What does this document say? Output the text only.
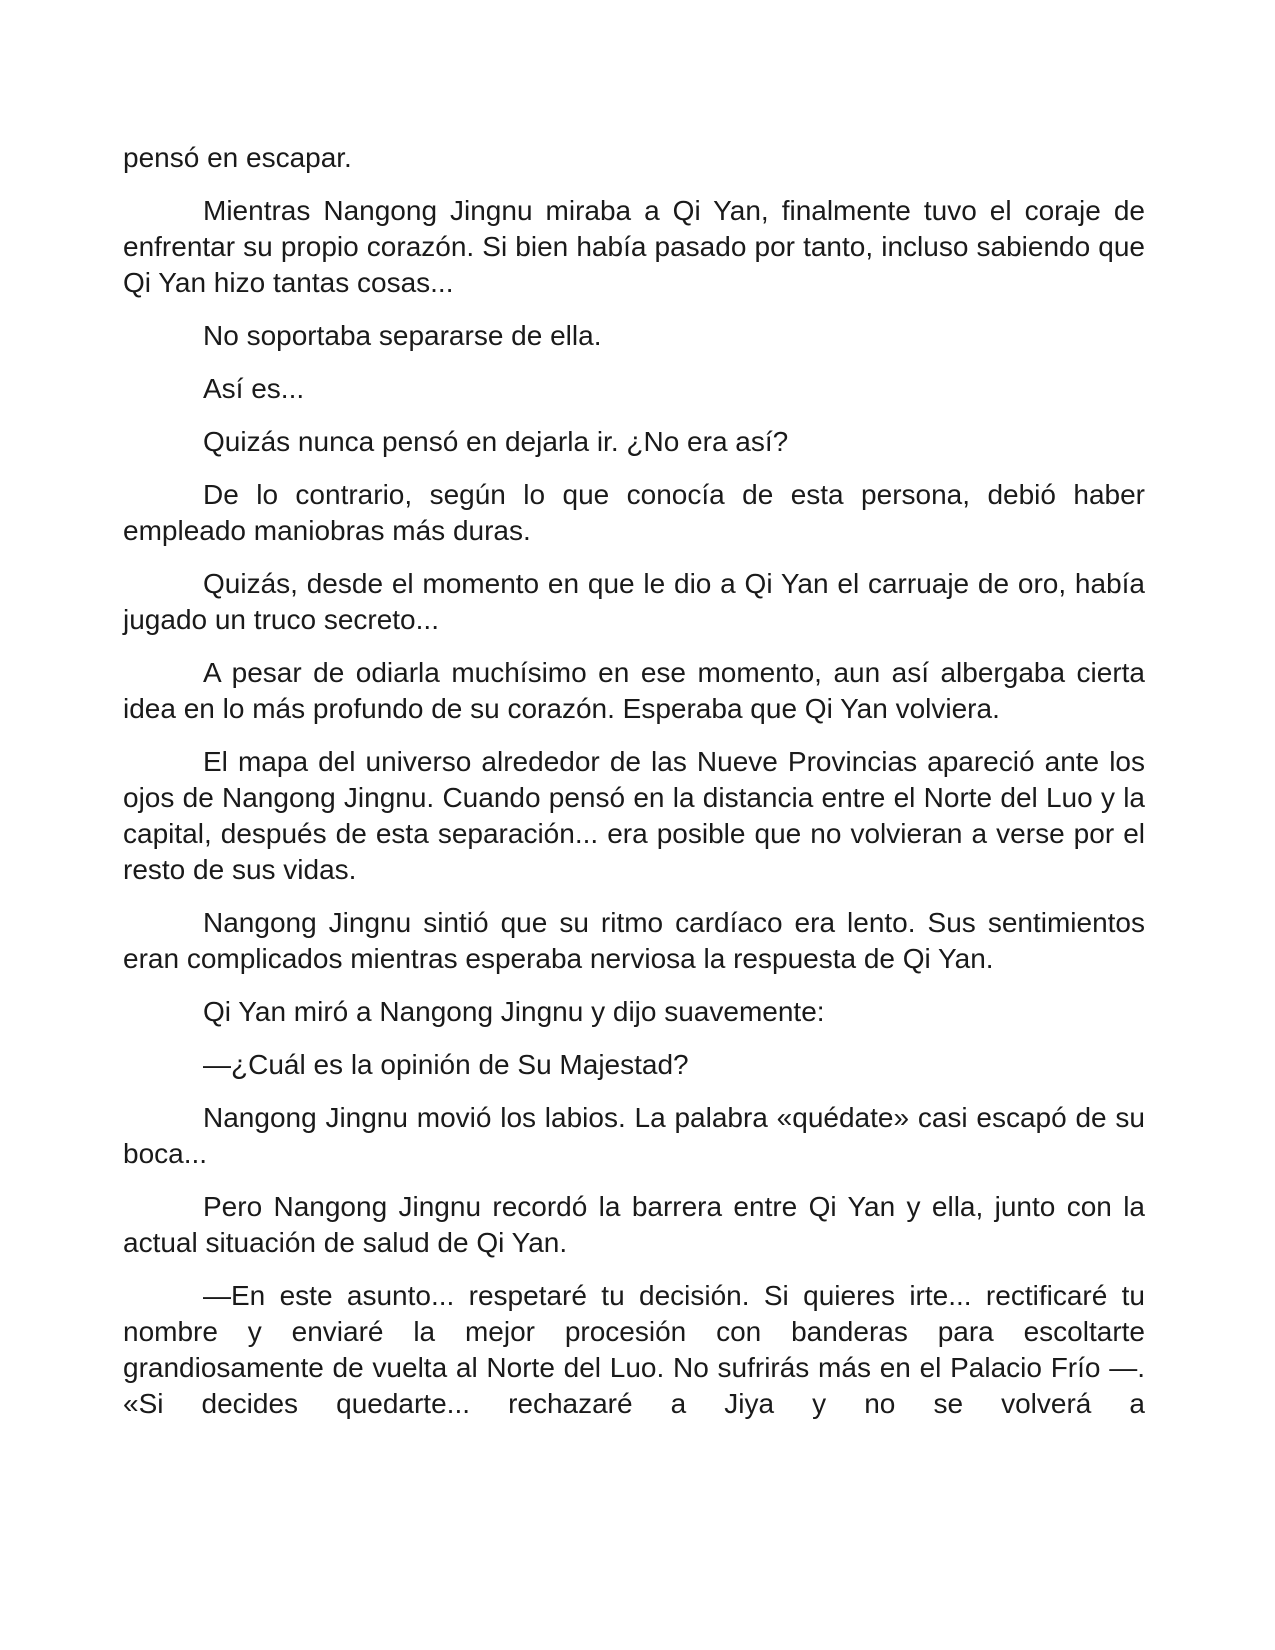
pensó en escapar.

Mientras Nangong Jingnu miraba a Qi Yan, finalmente tuvo el coraje de enfrentar su propio corazón. Si bien había pasado por tanto, incluso sabiendo que Qi Yan hizo tantas cosas...

No soportaba separarse de ella.

Así es...

Quizás nunca pensó en dejarla ir. ¿No era así?

De lo contrario, según lo que conocía de esta persona, debió haber empleado maniobras más duras.

Quizás, desde el momento en que le dio a Qi Yan el carruaje de oro, había jugado un truco secreto...

A pesar de odiarla muchísimo en ese momento, aun así albergaba cierta idea en lo más profundo de su corazón. Esperaba que Qi Yan volviera.

El mapa del universo alrededor de las Nueve Provincias apareció ante los ojos de Nangong Jingnu. Cuando pensó en la distancia entre el Norte del Luo y la capital, después de esta separación... era posible que no volvieran a verse por el resto de sus vidas.

Nangong Jingnu sintió que su ritmo cardíaco era lento. Sus sentimientos eran complicados mientras esperaba nerviosa la respuesta de Qi Yan.

Qi Yan miró a Nangong Jingnu y dijo suavemente:

—¿Cuál es la opinión de Su Majestad?

Nangong Jingnu movió los labios. La palabra «quédate» casi escapó de su boca...

Pero Nangong Jingnu recordó la barrera entre Qi Yan y ella, junto con la actual situación de salud de Qi Yan.

—En este asunto... respetaré tu decisión. Si quieres irte... rectificaré tu nombre y enviaré la mejor procesión con banderas para escoltarte grandiosamente de vuelta al Norte del Luo. No sufrirás más en el Palacio Frío —. «Si decides quedarte... rechazaré a Jiya y no se volverá a
